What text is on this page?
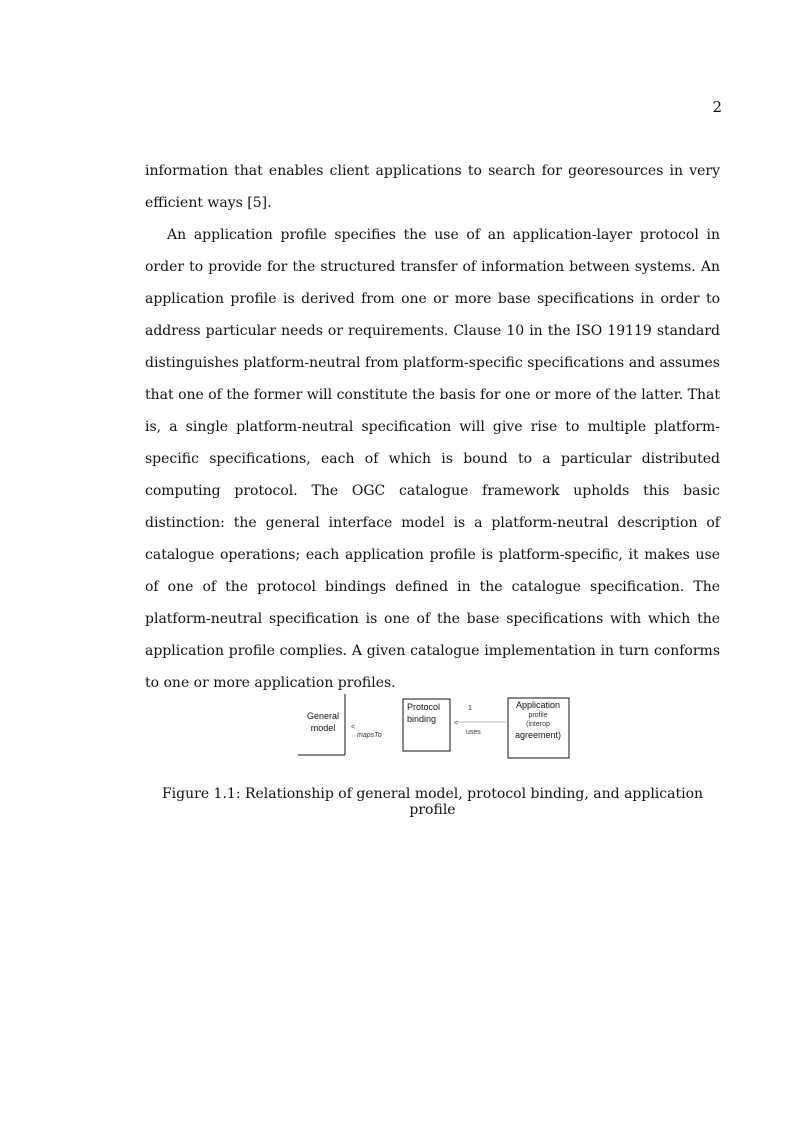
2

information that enables client applications to search for georesources in very efficient ways [5].

An application profile specifies the use of an application-layer protocol in order to provide for the structured transfer of information between systems. An application profile is derived from one or more base specifications in order to address particular needs or requirements. Clause 10 in the ISO 19119 standard distinguishes platform-neutral from platform-specific specifications and assumes that one of the former will constitute the basis for one or more of the latter. That is, a single platform-neutral specification will give rise to multiple platform-specific specifications, each of which is bound to a particular distributed computing protocol. The OGC catalogue framework upholds this basic distinction: the general interface model is a platform-neutral description of catalogue operations; each application profile is platform-specific, it makes use of one of the protocol bindings defined in the catalogue specification. The platform-neutral specification is one of the base specifications with which the application profile complies. A given catalogue implementation in turn conforms to one or more application profiles.

General
model <
mapsTo
Protocol
binding	<
uses
1	Application
profile
(interop
agreement)
Figure 1.1: Relationship of general model, protocol binding, and application profile
